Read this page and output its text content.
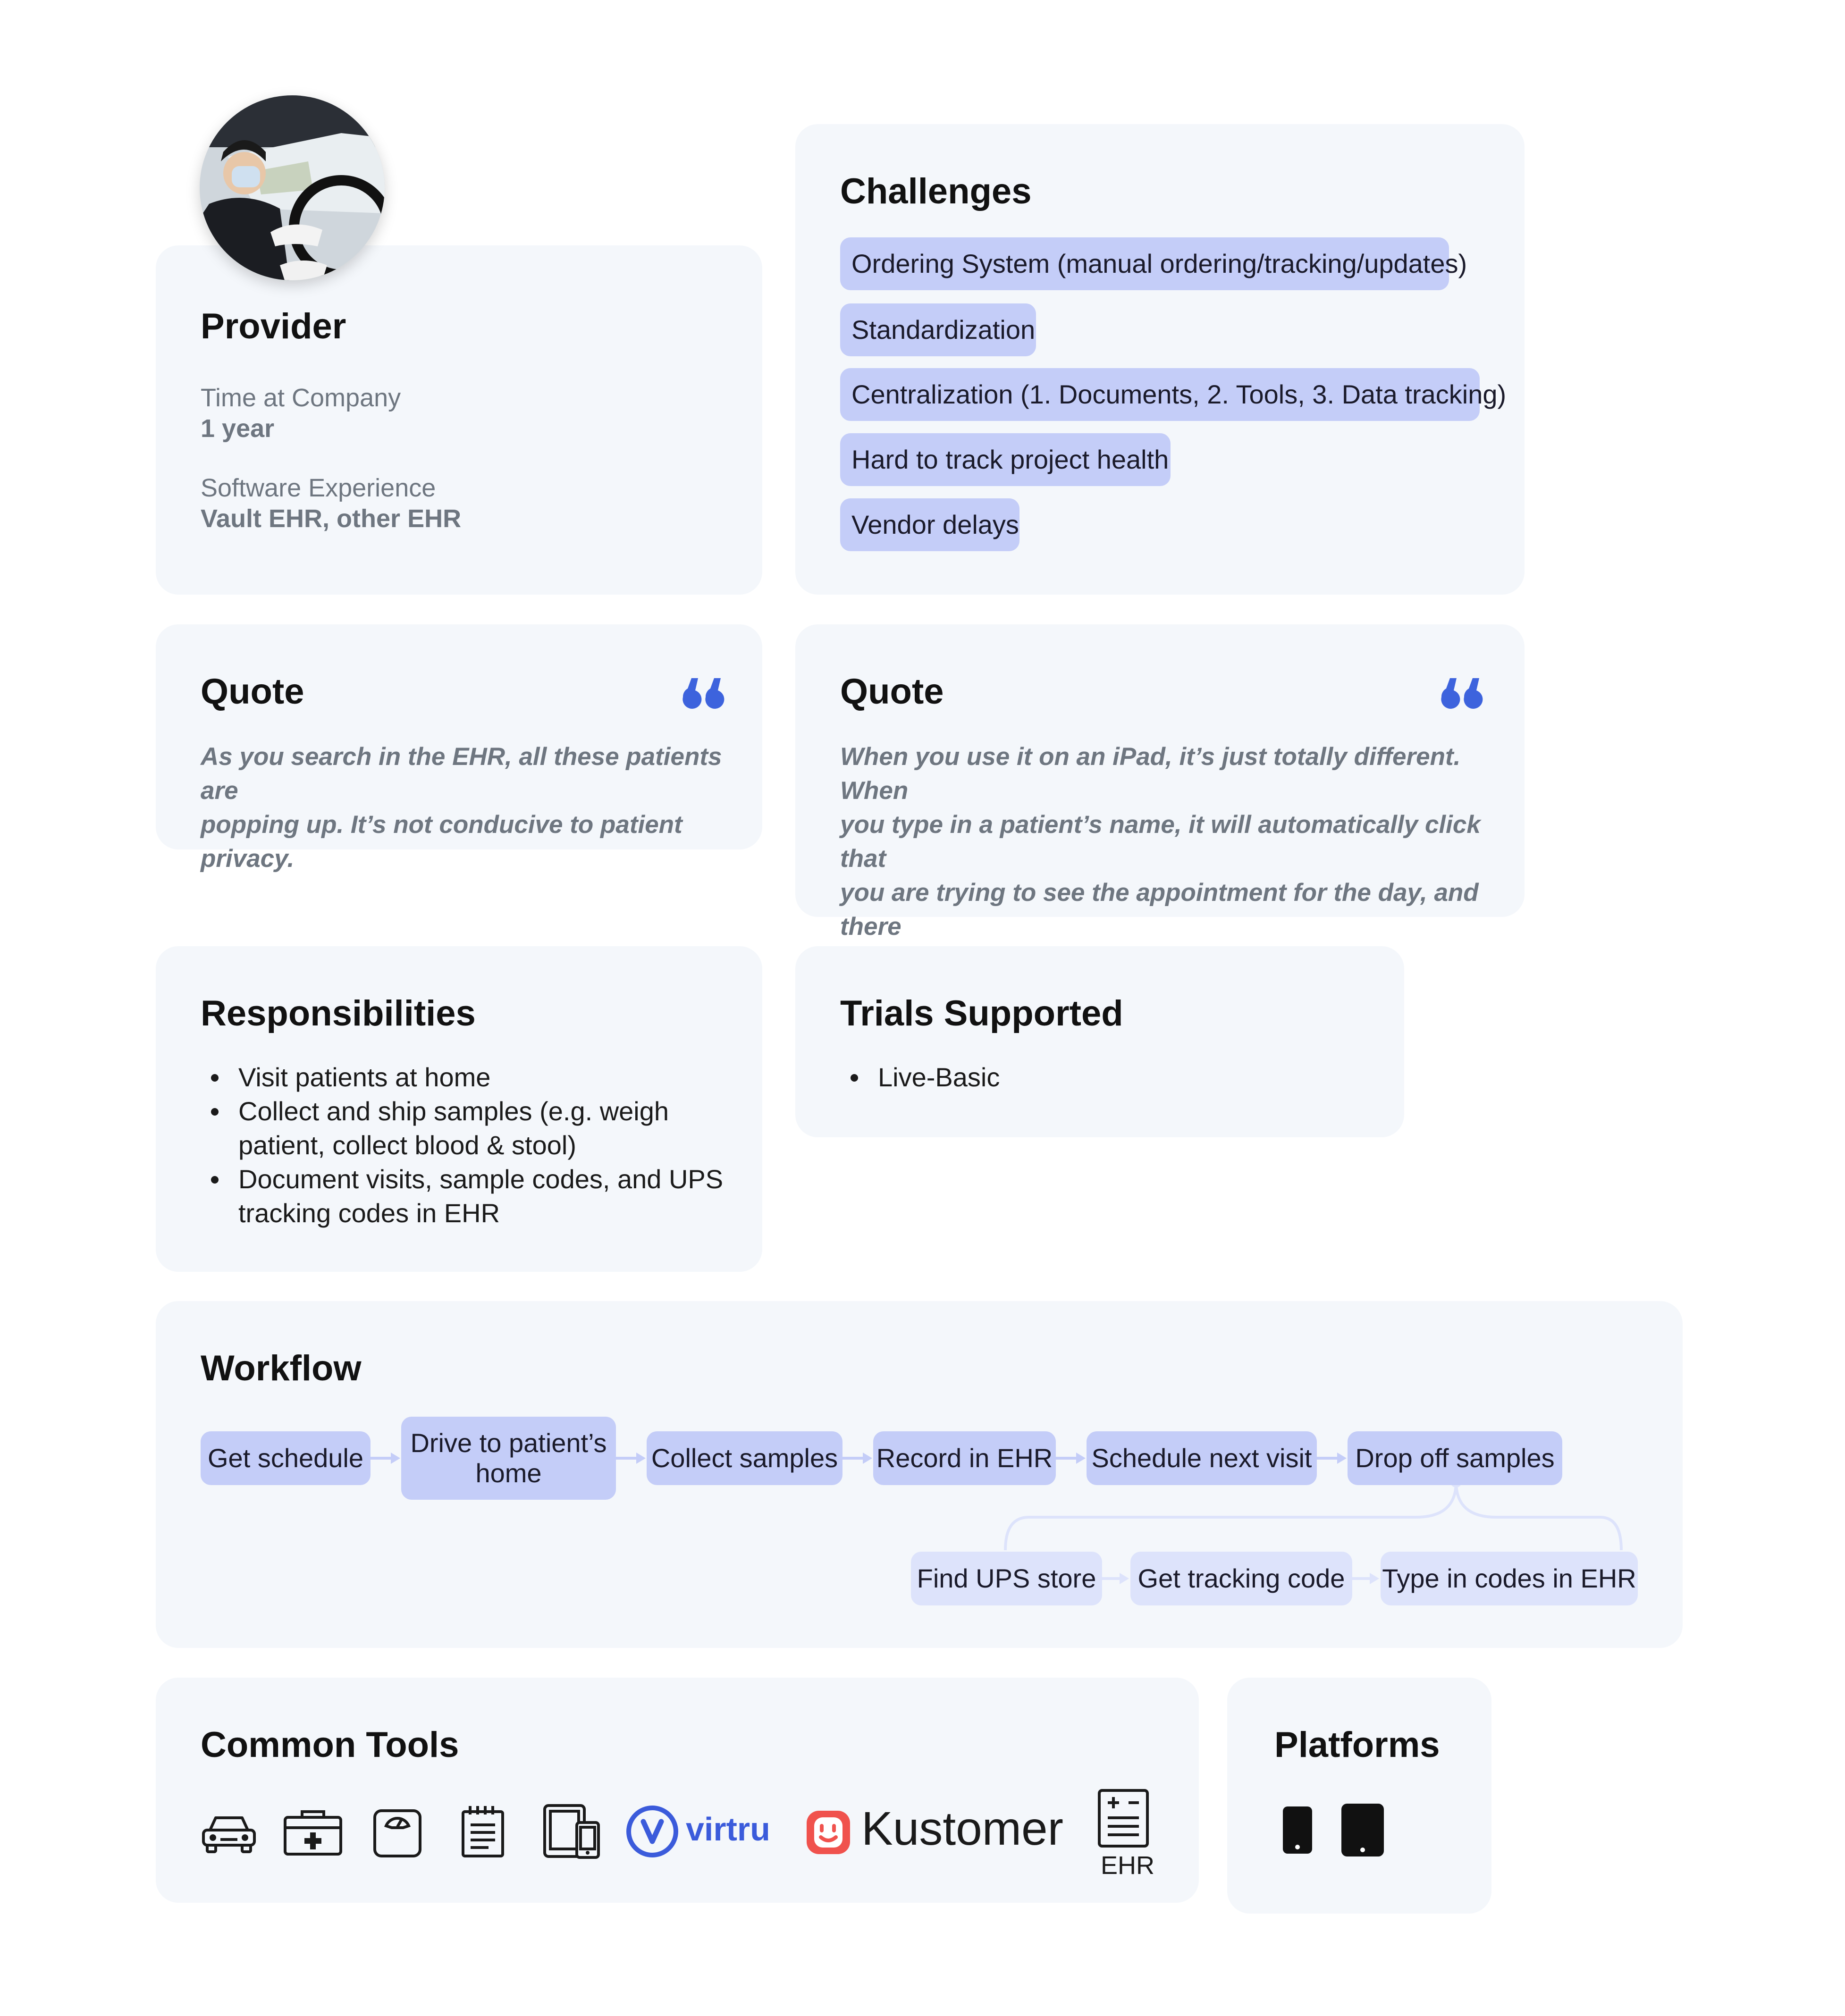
Provider
Time at Company
1 year
Software Experience
Vault EHR, other EHR
Challenges
Ordering System (manual ordering/tracking/updates)
Standardization
Centralization (1. Documents, 2. Tools, 3. Data tracking)
Hard to track project health
Vendor delays
Quote
As you search in the EHR, all these patients are
popping up. It’s not conducive to patient privacy.
Quote
When you use it on an iPad, it’s just totally different. When
you type in a patient’s name, it will automatically click that
you are trying to see the appointment for the day, and there
Responsibilities
Visit patients at home
Collect and ship samples (e.g. weigh
patient, collect blood & stool)
Document visits, sample codes, and UPS
tracking codes in EHR
Trials Supported
Live-Basic
Workflow
Get schedule
Drive to patient’s
home
Collect samples Record in EHR Schedule next visit Drop off samples
Find UPS store Get tracking code Type in codes in EHR
Common Tools
virtru Kustomer
EHR
Platforms
